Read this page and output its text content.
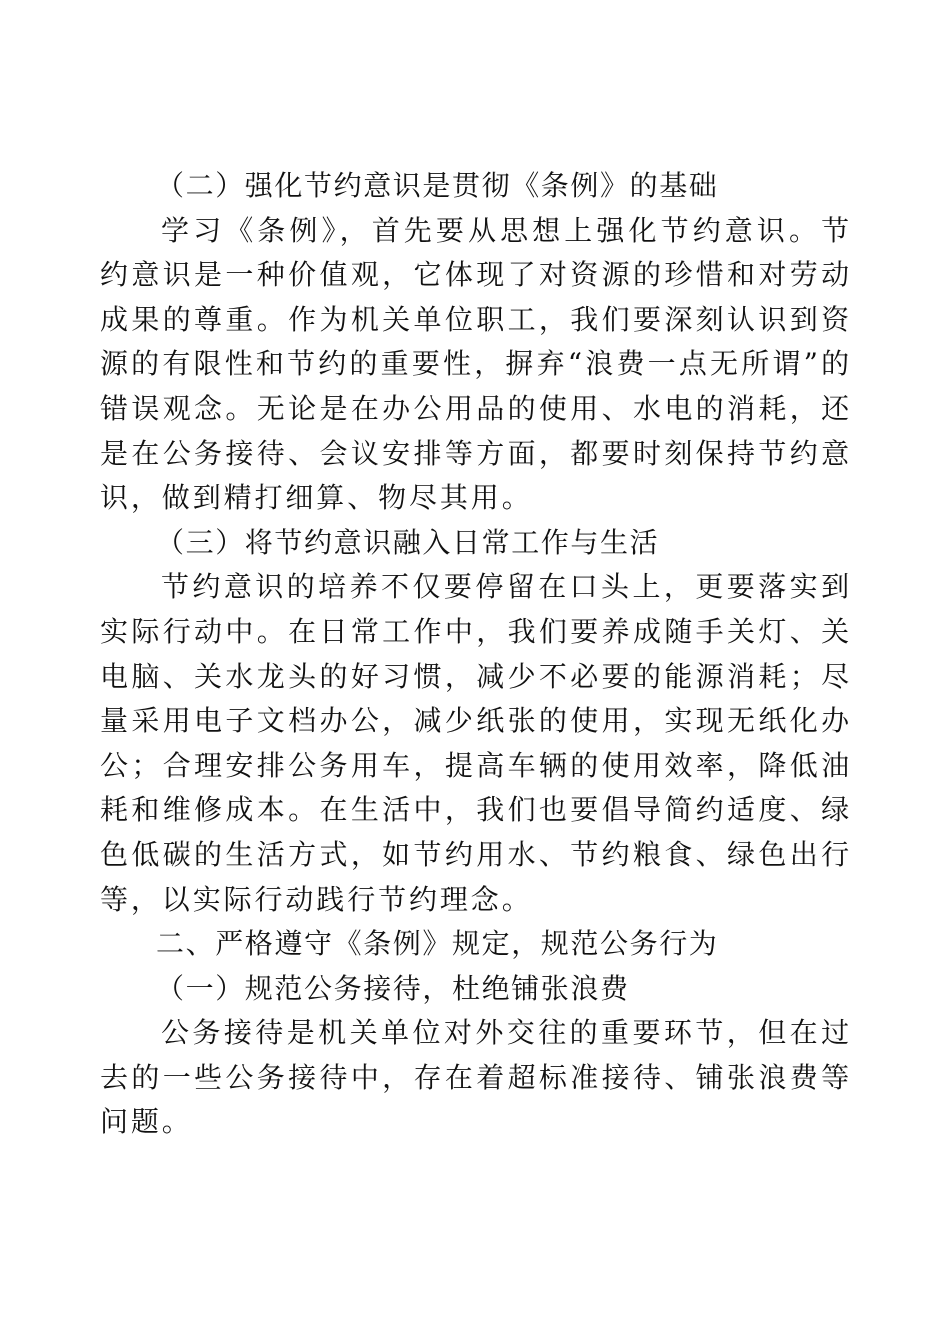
（二）强化节约意识是贯彻《条例》的基础

学习《条例》，首先要从思想上强化节约意识。节约意识是一种价值观，它体现了对资源的珍惜和对劳动成果的尊重。作为机关单位职工，我们要深刻认识到资源的有限性和节约的重要性，摒弃“浪费一点无所谓”的错误观念。无论是在办公用品的使用、水电的消耗，还是在公务接待、会议安排等方面，都要时刻保持节约意识，做到精打细算、物尽其用。

（三）将节约意识融入日常工作与生活

节约意识的培养不仅要停留在口头上，更要落实到实际行动中。在日常工作中，我们要养成随手关灯、关电脑、关水龙头的好习惯，减少不必要的能源消耗；尽量采用电子文档办公，减少纸张的使用，实现无纸化办公；合理安排公务用车，提高车辆的使用效率，降低油耗和维修成本。在生活中，我们也要倡导简约适度、绿色低碳的生活方式，如节约用水、节约粮食、绿色出行等，以实际行动践行节约理念。

二、严格遵守《条例》规定，规范公务行为

（一）规范公务接待，杜绝铺张浪费

公务接待是机关单位对外交往的重要环节，但在过去的一些公务接待中，存在着超标准接待、铺张浪费等问题。
